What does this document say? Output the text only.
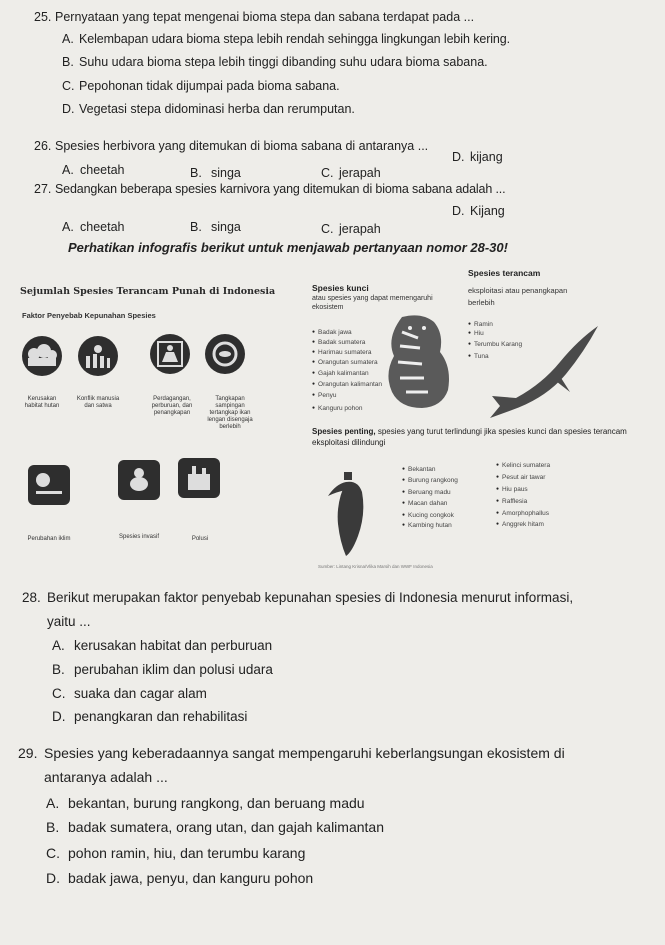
25. Pernyataan yang tepat mengenai bioma stepa dan sabana terdapat pada ...
A. Kelembapan udara bioma stepa lebih rendah sehingga lingkungan lebih kering.
B. Suhu udara bioma stepa lebih tinggi dibanding suhu udara bioma sabana.
C. Pepohonan tidak dijumpai pada bioma sabana.
D. Vegetasi stepa didominasi herba dan rerumputan.
26. Spesies herbivora yang ditemukan di bioma sabana di antaranya ...
A. cheetah	B. singa	C. jerapah
D. kijang
27. Sedangkan beberapa spesies karnivora yang ditemukan di bioma sabana adalah ...
A. cheetah	B. singa	C. jerapah
D. Kijang
Perhatikan infografis berikut untuk menjawab pertanyaan nomor 28-30!
Sejumlah Spesies Terancam Punah di Indonesia
Faktor Penyebab Kepunahan Spesies
Kerusakan habitat hutan
Konflik manusia dan satwa
Perdagangan, perburuan, dan penangkapan
Tangkapan sampingan tertangkap ikan lengan disengaja berlebih
Perubahan iklim	Spesies invasif	Polusi
Spesies kunci
atau spesies yang dapat memengaruhi ekosistem
● Badak jawa
● Badak sumatera
● Harimau sumatera
● Orangutan sumatera
● Gajah kalimantan
● Orangutan kalimantan
● Penyu
● Kanguru pohon
Spesies terancam
eksploitasi atau penangkapan berlebih
● Ramin
● Hiu
● Terumbu Karang
● Tuna
Spesies penting, spesies yang turut terlindungi jika spesies kunci dan spesies terancam eksploitasi dilindungi
● Bekantan
● Burung rangkong
● Beruang madu
● Macan dahan
● Kucing congkok
● Kambing hutan
● Kelinci sumatera
● Pesut air tawar
● Hiu paus
● Rafflesia
● Amorphophallus
● Anggrek hitam
Sumber: Lintang Krisna/Vlika Marsih dan WWF Indonesia
28. Berikut merupakan faktor penyebab kepunahan spesies di Indonesia menurut informasi,
yaitu ...
A. kerusakan habitat dan perburuan
B. perubahan iklim dan polusi udara
C. suaka dan cagar alam
D. penangkaran dan rehabilitasi
29. Spesies yang keberadaannya sangat mempengaruhi keberlangsungan ekosistem di
antaranya adalah ...
A. bekantan, burung rangkong, dan beruang madu
B. badak sumatera, orang utan, dan gajah kalimantan
C. pohon ramin, hiu, dan terumbu karang
D. badak jawa, penyu, dan kanguru pohon
